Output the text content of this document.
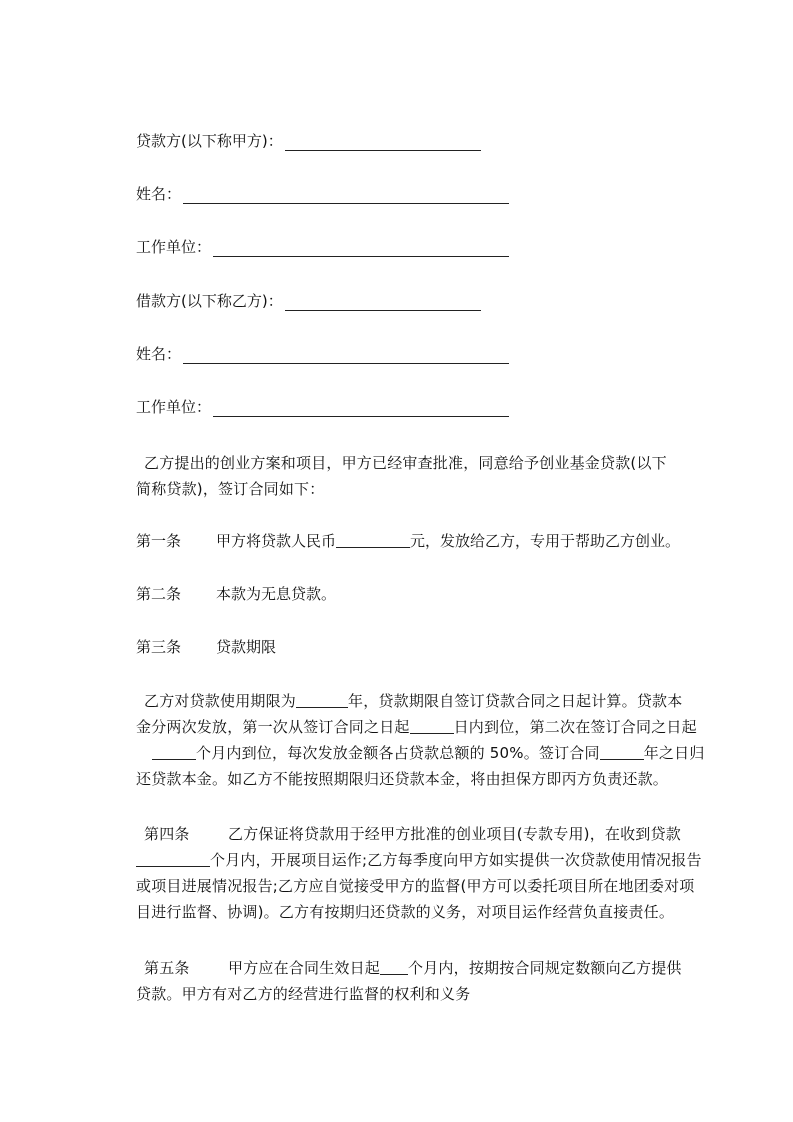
贷款方(以下称甲方)：
姓名：
工作单位：
借款方(以下称乙方)：
姓名：
工作单位：
乙方提出的创业方案和项目，甲方已经审查批准，同意给予创业基金贷款(以下
简称贷款)，签订合同如下：
第一条 甲方将贷款人民币	元，发放给乙方，专用于帮助乙方创业。
第二条 本款为无息贷款。
第三条 贷款期限
乙方对贷款使用期限为	年，贷款期限自签订贷款合同之日起计算。贷款本
金分两次发放，第一次从签订合同之日起	日内到位，第二次在签订合同之日起
个月内到位，每次发放金额各占贷款总额的 50%。签订合同	年之日归
还贷款本金。如乙方不能按照期限归还贷款本金，将由担保方即丙方负责还款。
第四条	乙方保证将贷款用于经甲方批准的创业项目(专款专用)，在收到贷款
个月内，开展项目运作;乙方每季度向甲方如实提供一次贷款使用情况报告
或项目进展情况报告;乙方应自觉接受甲方的监督(甲方可以委托项目所在地团委对项
目进行监督、协调)。乙方有按期归还贷款的义务，对项目运作经营负直接责任。
第五条	甲方应在合同生效日起 个月内，按期按合同规定数额向乙方提供
贷款。甲方有对乙方的经营进行监督的权利和义务
